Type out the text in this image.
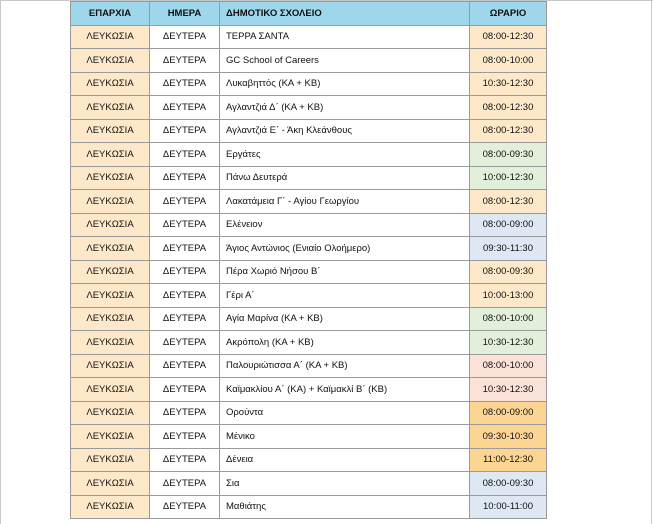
ΕΠΑΡΧΙΑ	ΗΜΕΡΑ	ΔΗΜΟΤΙΚΟ ΣΧΟΛΕΙΟ	ΩΡΑΡΙΟ
ΛΕΥΚΩΣΙΑ	ΔΕΥΤΕΡΑ	ΤΕΡΡΑ ΣΑΝΤΑ	08:00-12:30
ΛΕΥΚΩΣΙΑ	ΔΕΥΤΕΡΑ	GC School of Careers	08:00-10:00
ΛΕΥΚΩΣΙΑ	ΔΕΥΤΕΡΑ	Λυκαβηττός (ΚΑ + ΚΒ)	10:30-12:30
ΛΕΥΚΩΣΙΑ	ΔΕΥΤΕΡΑ	Αγλαντζιά Δ΄ (ΚΑ + ΚΒ)	08:00-12:30
ΛΕΥΚΩΣΙΑ	ΔΕΥΤΕΡΑ	Αγλαντζιά Ε΄ - Άκη Κλεάνθους	08:00-12:30
ΛΕΥΚΩΣΙΑ	ΔΕΥΤΕΡΑ	Εργάτες	08:00-09:30
ΛΕΥΚΩΣΙΑ	ΔΕΥΤΕΡΑ	Πάνω Δευτερά	10:00-12:30
ΛΕΥΚΩΣΙΑ	ΔΕΥΤΕΡΑ	Λακατάμεια Γ΄ - Αγίου Γεωργίου	08:00-12:30
ΛΕΥΚΩΣΙΑ	ΔΕΥΤΕΡΑ	Ελένειον	08:00-09:00
ΛΕΥΚΩΣΙΑ	ΔΕΥΤΕΡΑ	Άγιος Αντώνιος (Ενιαίο Ολοήμερο)	09:30-11:30
ΛΕΥΚΩΣΙΑ	ΔΕΥΤΕΡΑ	Πέρα Χωριό Νήσου Β΄	08:00-09:30
ΛΕΥΚΩΣΙΑ	ΔΕΥΤΕΡΑ	Γέρι Α΄	10:00-13:00
ΛΕΥΚΩΣΙΑ	ΔΕΥΤΕΡΑ	Αγία Μαρίνα (ΚΑ + ΚΒ)	08:00-10:00
ΛΕΥΚΩΣΙΑ	ΔΕΥΤΕΡΑ	Ακρόπολη (ΚΑ + ΚΒ)	10:30-12:30
ΛΕΥΚΩΣΙΑ	ΔΕΥΤΕΡΑ	Παλουριώτισσα Α΄ (ΚΑ + ΚΒ)	08:00-10:00
ΛΕΥΚΩΣΙΑ	ΔΕΥΤΕΡΑ	Καϊμακλίου Α΄ (ΚΑ) + Καϊμακλί Β΄ (ΚΒ)	10:30-12:30
ΛΕΥΚΩΣΙΑ	ΔΕΥΤΕΡΑ	Ορούντα	08:00-09:00
ΛΕΥΚΩΣΙΑ	ΔΕΥΤΕΡΑ	Μένικο	09:30-10:30
ΛΕΥΚΩΣΙΑ	ΔΕΥΤΕΡΑ	Δένεια	11:00-12:30
ΛΕΥΚΩΣΙΑ	ΔΕΥΤΕΡΑ	Σια	08:00-09:30
ΛΕΥΚΩΣΙΑ	ΔΕΥΤΕΡΑ	Μαθιάτης	10:00-11:00
